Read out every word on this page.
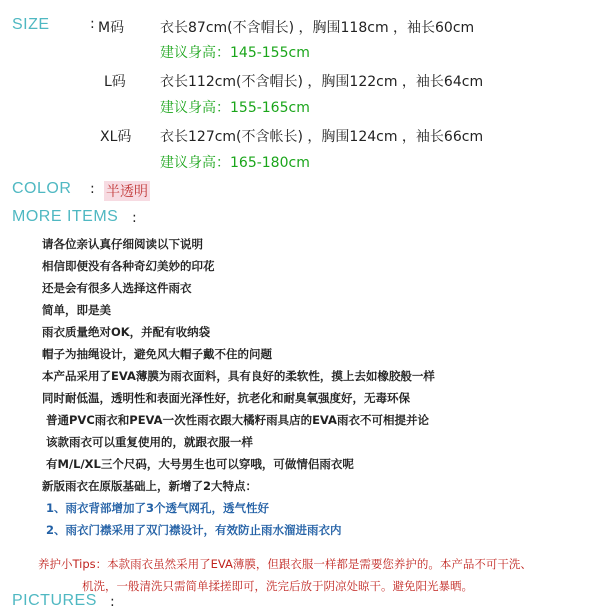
SIZE	: M码	衣长87cm(不含帽长) ，胸围118cm ，袖长60cm
建议身高：145-155cm
L码 衣长112cm(不含帽长) ，胸围122cm ，袖长64cm
建议身高：155-165cm
XL码 衣长127cm(不含帐长) ，胸围124cm ，袖长66cm
建议身高：165-180cm
COLOR : 半透明
MORE ITEMS :
请各位亲认真仔细阅读以下说明
相信即便没有各种奇幻美妙的印花
还是会有很多人选择这件雨衣
简单，即是美
雨衣质量绝对OK，并配有收纳袋
帽子为抽绳设计，避免风大帽子戴不住的问题
本产品采用了EVA薄膜为雨衣面料，具有良好的柔软性，摸上去如橡胶般一样
同时耐低温，透明性和表面光泽性好，抗老化和耐臭氧强度好，无毒环保
普通PVC雨衣和PEVA一次性雨衣跟大橘籽雨具店的EVA雨衣不可相提并论
该款雨衣可以重复使用的，就跟衣服一样
有M/L/XL三个尺码，大号男生也可以穿哦，可做情侣雨衣呢
新版雨衣在原版基础上，新增了2大特点：
1、雨衣背部增加了3个透气网孔，透气性好
2、雨衣门襟采用了双门襟设计，有效防止雨水溜进雨衣内
养护小Tips：本款雨衣虽然采用了EVA薄膜，但跟衣服一样都是需要您养护的。本产品不可干洗、
机洗，一般清洗只需简单揉搓即可，洗完后放于阴凉处晾干。避免阳光暴晒。
PICTURES :
